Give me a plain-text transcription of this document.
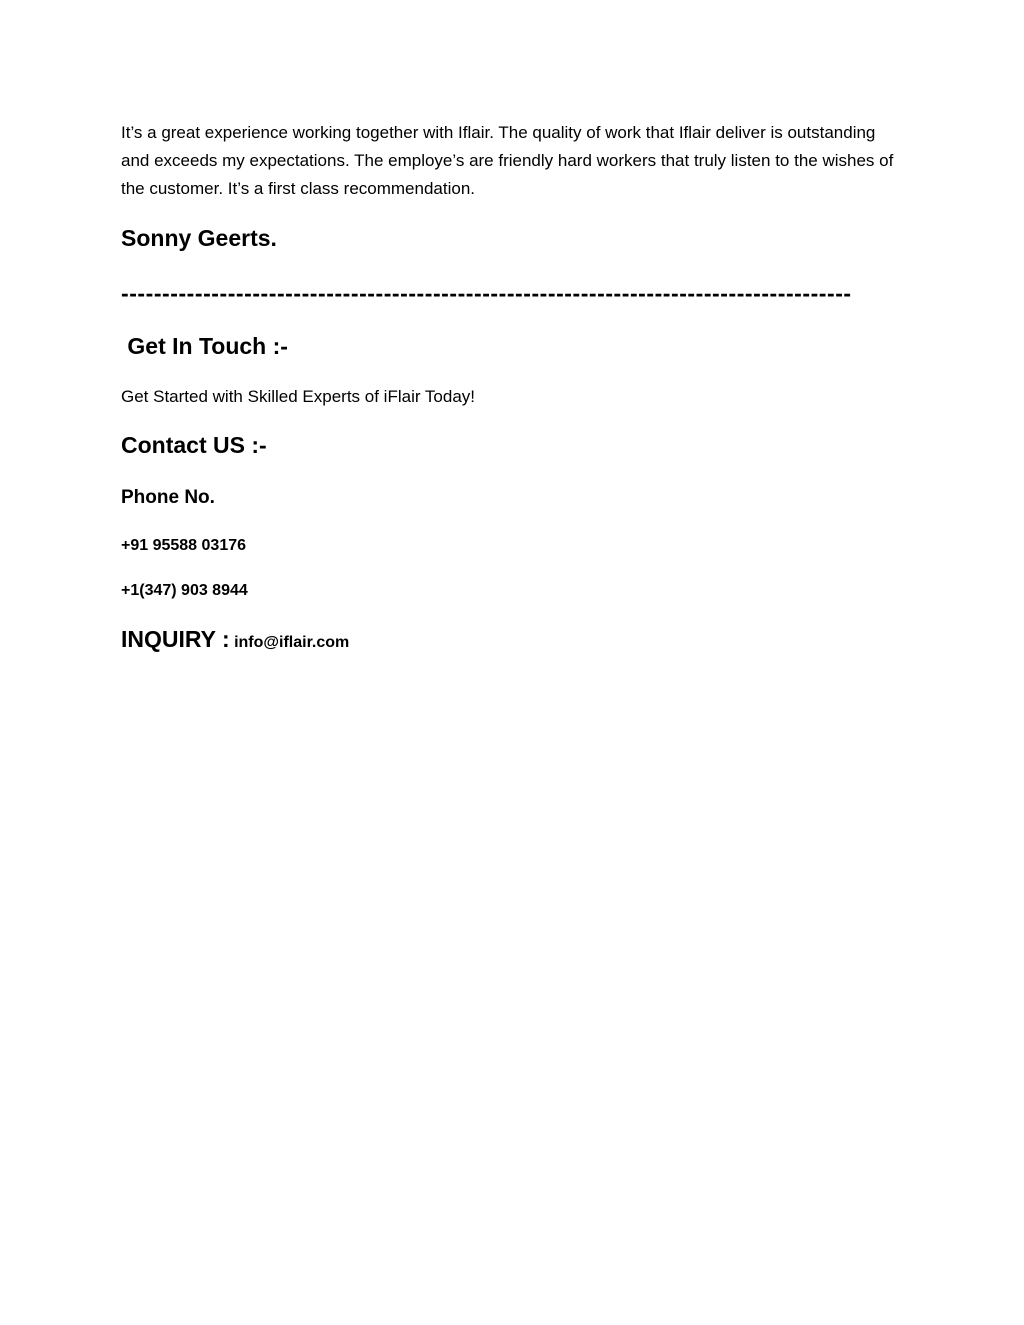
It’s a great experience working together with Iflair. The quality of work that Iflair deliver is outstanding and exceeds my expectations. The employe’s are friendly hard workers that truly listen to the wishes of the customer. It’s a first class recommendation.

Sonny Geerts.
-----------------------------------------------------------------------------------------
Get In Touch :-
Get Started with Skilled Experts of iFlair Today!
Contact US :-
Phone No.
+91 95588 03176
+1(347) 903 8944
INQUIRY : info@iflair.com
